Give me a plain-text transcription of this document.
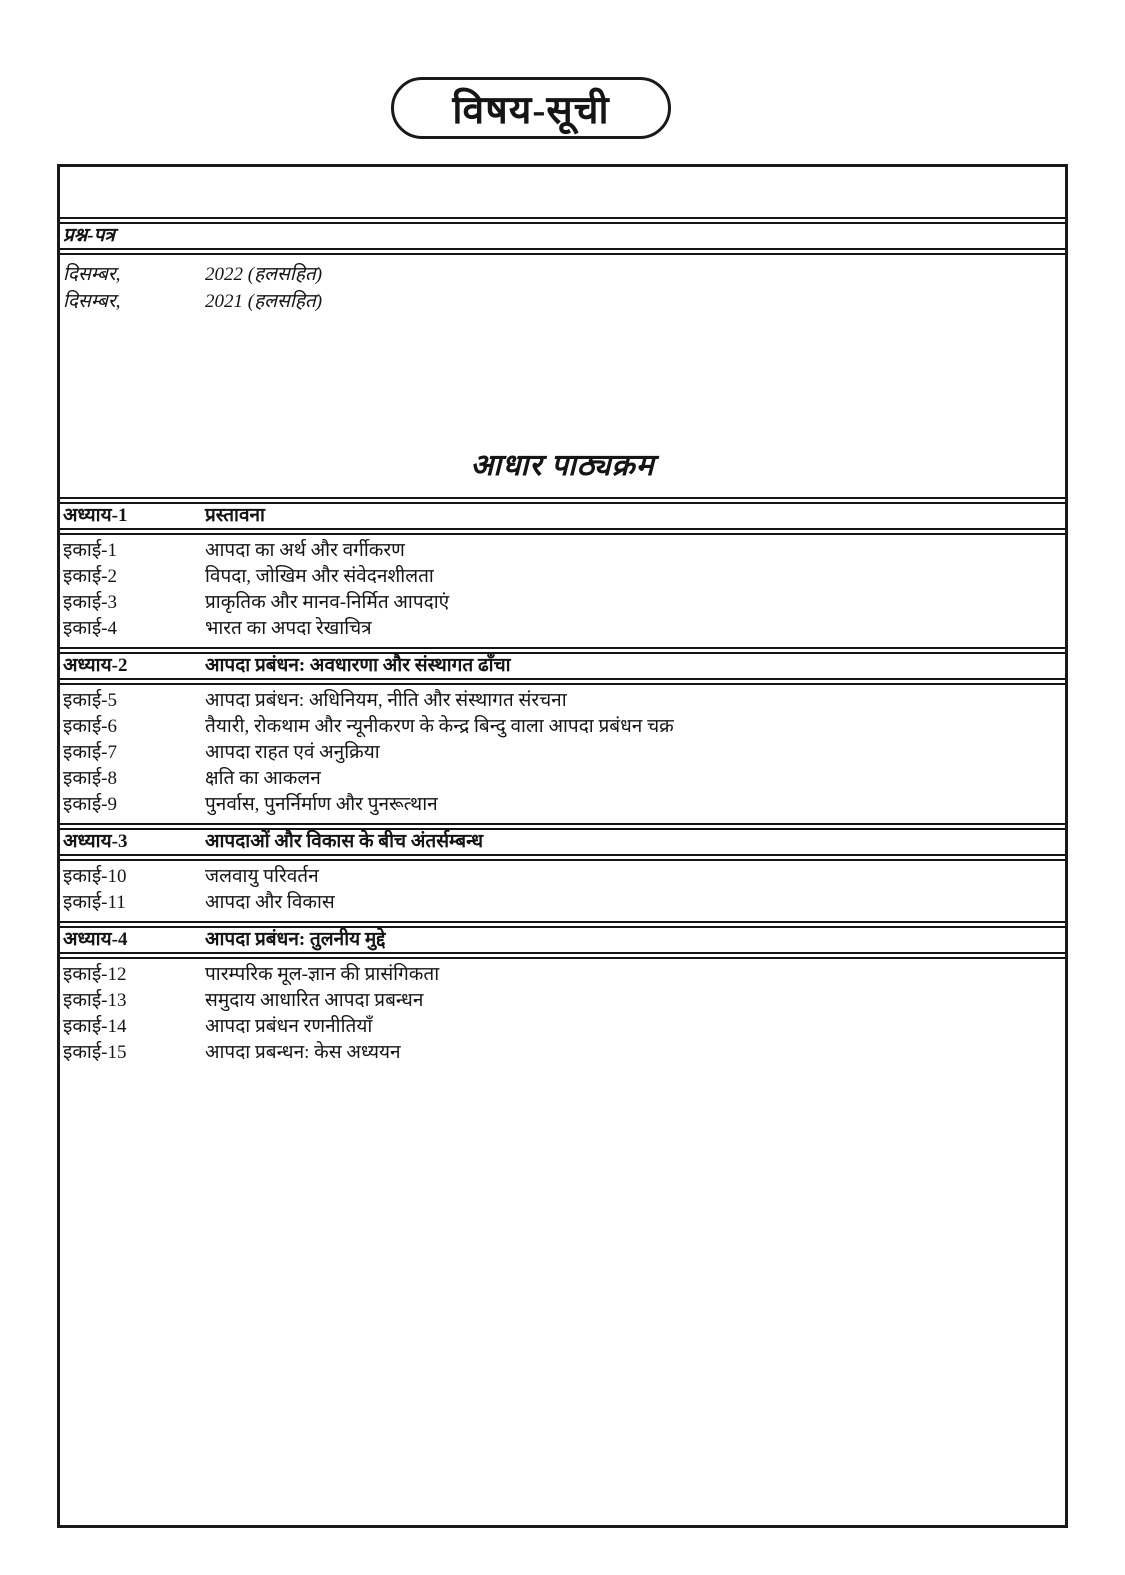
विषय-सूची
प्रश्न-पत्र
दिसम्बर,	2022 (हलसहित)
दिसम्बर,	2021 (हलसहित)
आधार पाठ्यक्रम
अध्याय-1	प्रस्तावना
इकाई-1	आपदा का अर्थ और वर्गीकरण
इकाई-2	विपदा, जोखिम और संवेदनशीलता
इकाई-3	प्राकृतिक और मानव-निर्मित आपदाएं
इकाई-4	भारत का अपदा रेखाचित्र
अध्याय-2	आपदा प्रबंधन: अवधारणा और संस्थागत ढाँचा
इकाई-5	आपदा प्रबंधन: अधिनियम, नीति और संस्थागत संरचना
इकाई-6	तैयारी, रोकथाम और न्यूनीकरण के केन्द्र बिन्दु वाला आपदा प्रबंधन चक्र
इकाई-7	आपदा राहत एवं अनुक्रिया
इकाई-8	क्षति का आकलन
इकाई-9	पुनर्वास, पुनर्निर्माण और पुनरूत्थान
अध्याय-3	आपदाओं और विकास के बीच अंतर्सम्बन्ध
इकाई-10	जलवायु परिवर्तन
इकाई-11	आपदा और विकास
अध्याय-4	आपदा प्रबंधन: तुलनीय मुद्दे
इकाई-12	पारम्परिक मूल-ज्ञान की प्रासंगिकता
इकाई-13	समुदाय आधारित आपदा प्रबन्धन
इकाई-14	आपदा प्रबंधन रणनीतियाँ
इकाई-15	आपदा प्रबन्धन: केस अध्ययन
